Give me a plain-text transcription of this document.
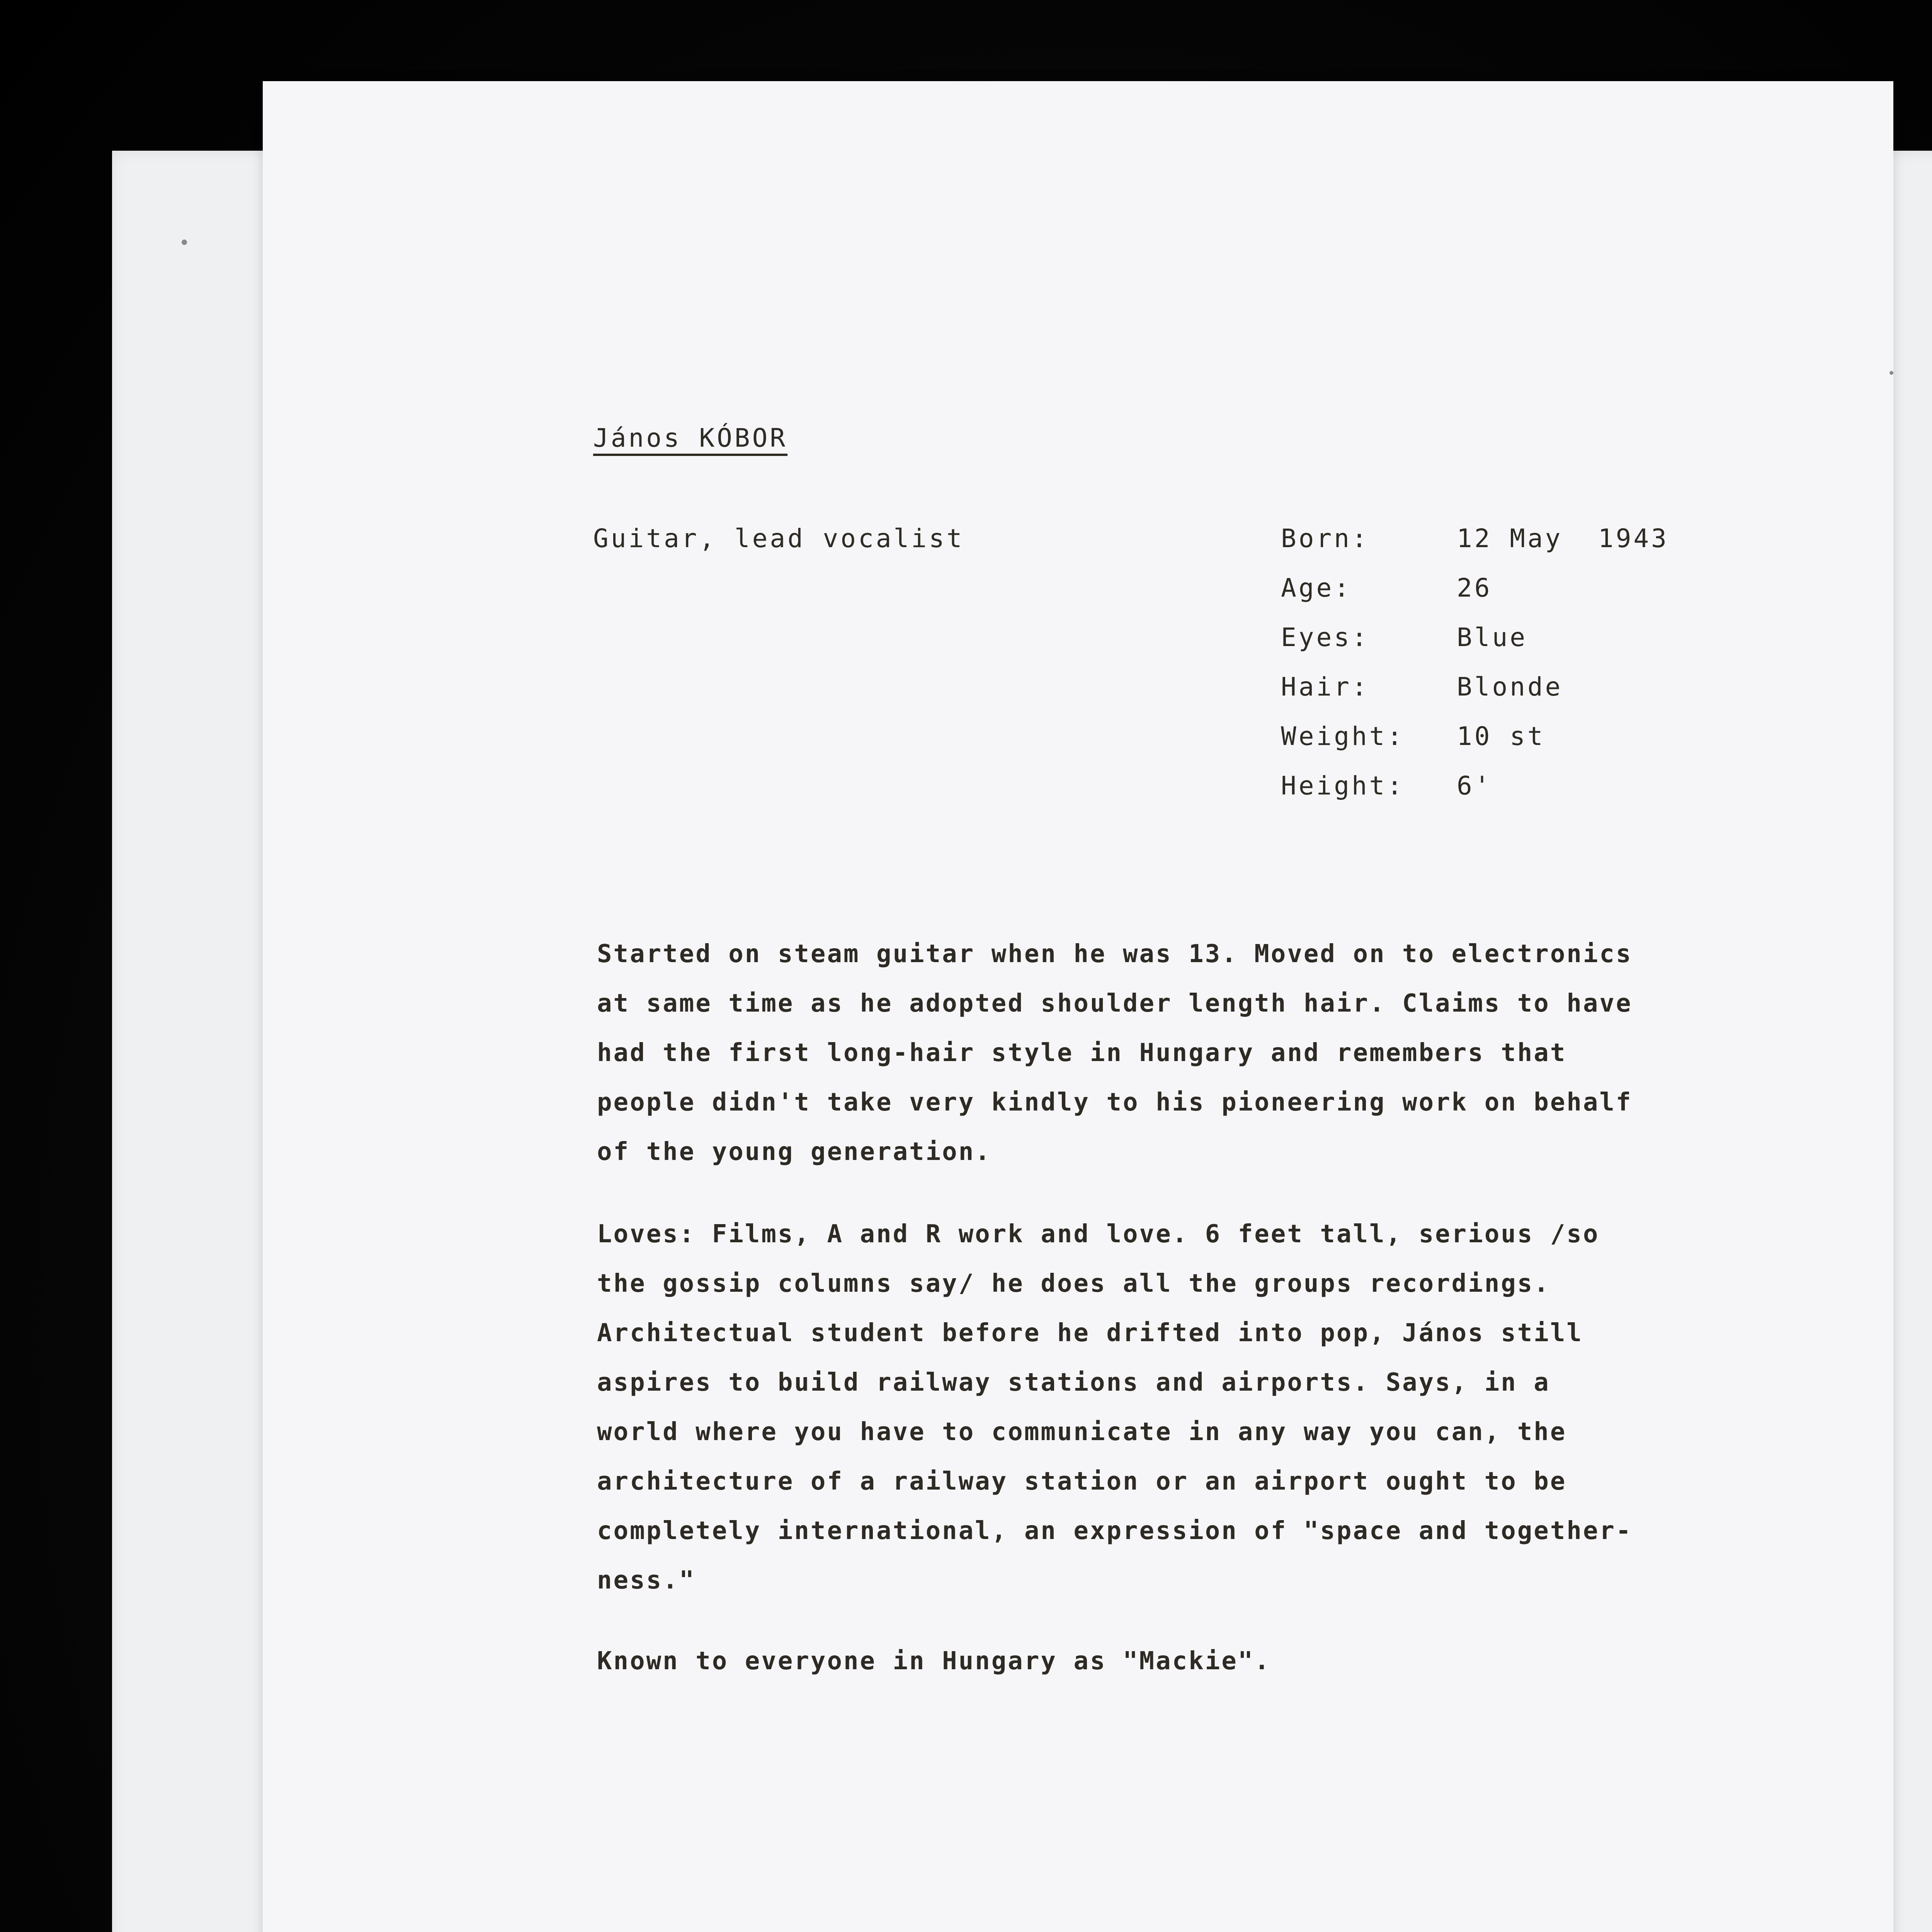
János KÓBOR
Guitar, lead vocalist	Born:	12 May  1943
Age:	26
Eyes:	Blue
Hair:	Blonde
Weight: 10 st
Height: 6'
Started on steam guitar when he was 13. Moved on to electronics
at same time as he adopted shoulder length hair. Claims to have
had the first long-hair style in Hungary and remembers that
people didn't take very kindly to his pioneering work on behalf
of the young generation.
Loves: Films, A and R work and love. 6 feet tall, serious /so
the gossip columns say/ he does all the groups recordings.
Architectual student before he drifted into pop, János still
aspires to build railway stations and airports. Says, in a
world where you have to communicate in any way you can, the
architecture of a railway station or an airport ought to be
completely international, an expression of "space and together-
ness."
Known to everyone in Hungary as "Mackie".
